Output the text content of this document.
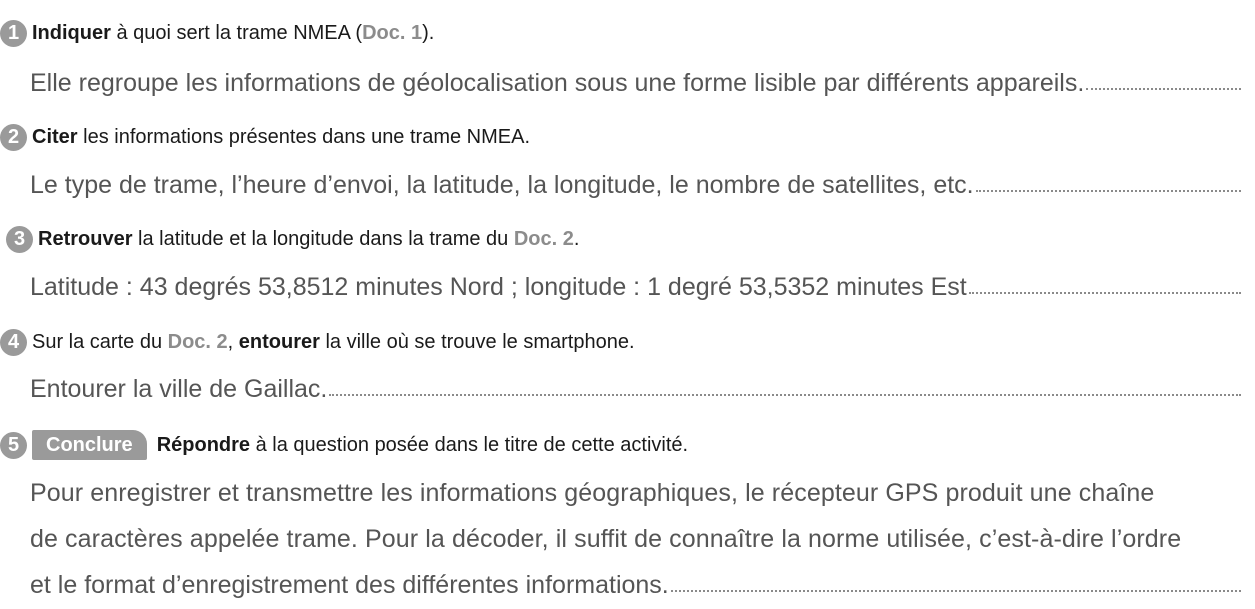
1 Indiquer à quoi sert la trame NMEA (Doc. 1).
Elle regroupe les informations de géolocalisation sous une forme lisible par différents appareils.
2 Citer les informations présentes dans une trame NMEA.
Le type de trame, l’heure d’envoi, la latitude, la longitude, le nombre de satellites, etc.
3 Retrouver la latitude et la longitude dans la trame du Doc. 2.
Latitude : 43 degrés 53,8512 minutes Nord ; longitude : 1 degré 53,5352 minutes Est
4 Sur la carte du Doc. 2, entourer la ville où se trouve le smartphone.
Entourer la ville de Gaillac.
5	Conclure	Répondre à la question posée dans le titre de cette activité.
Pour enregistrer et transmettre les informations géographiques, le récepteur GPS produit une chaîne
de caractères appelée trame. Pour la décoder, il suffit de connaître la norme utilisée, c’est-à-dire l’ordre
et le format d’enregistrement des différentes informations.
